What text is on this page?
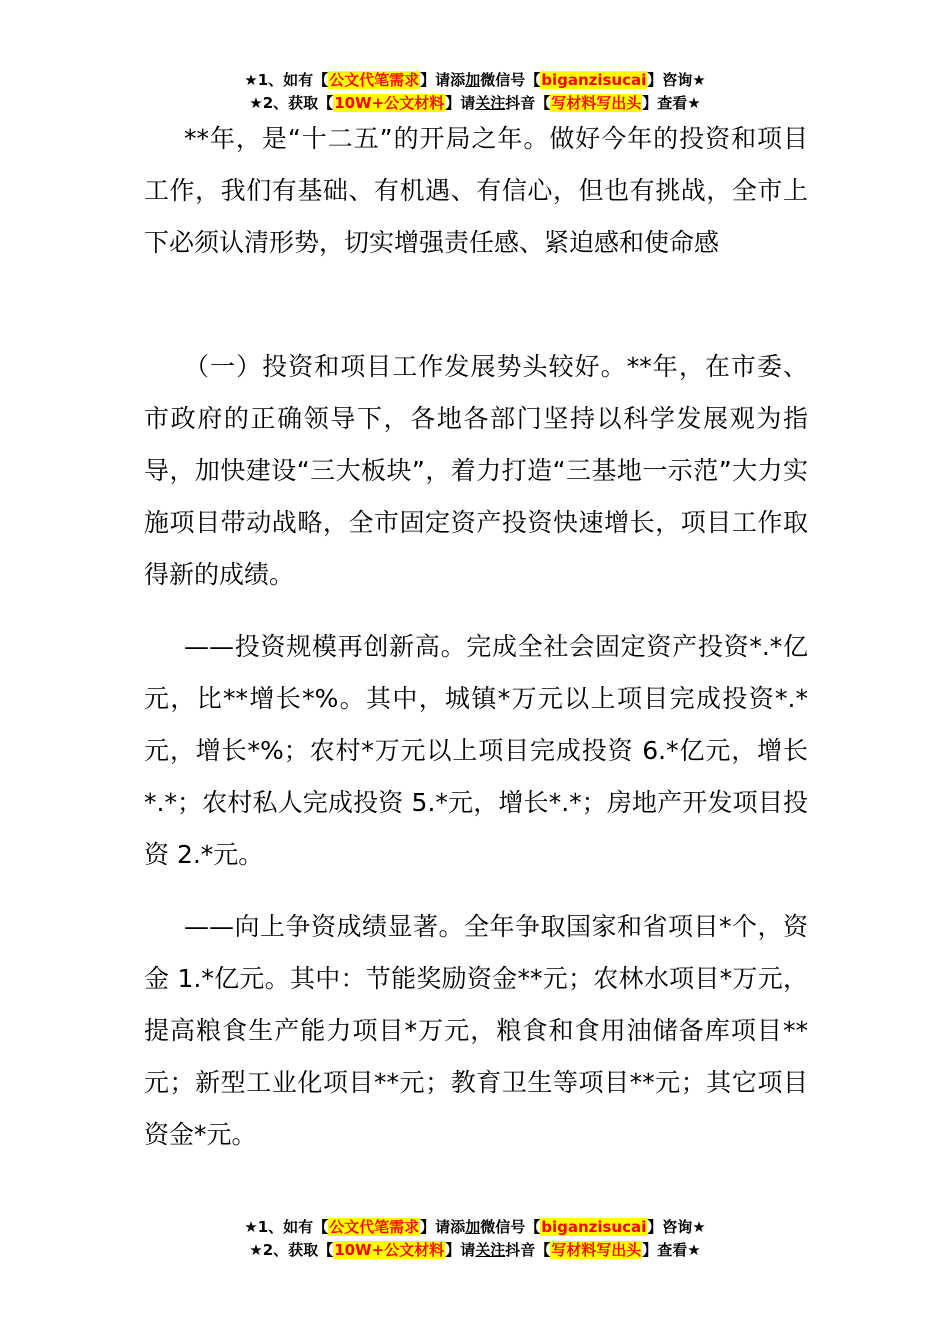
★1、如有【公文代笔需求】请添加微信号【biganzisucai】咨询★
★2、获取【10W+公文材料】请关注抖音【写材料写出头】查看★

**年，是“十二五”的开局之年。做好今年的投资和项目工作，我们有基础、有机遇、有信心，但也有挑战，全市上下必须认清形势，切实增强责任感、紧迫感和使命感

（一）投资和项目工作发展势头较好。**年，在市委、市政府的正确领导下，各地各部门坚持以科学发展观为指导，加快建设“三大板块”，着力打造“三基地一示范”大力实施项目带动战略，全市固定资产投资快速增长，项目工作取得新的成绩。

——投资规模再创新高。完成全社会固定资产投资*.*亿元，比**增长*%。其中，城镇*万元以上项目完成投资*.*元，增长*%；农村*万元以上项目完成投资 6.*亿元，增长*.*；农村私人完成投资 5.*元，增长*.*；房地产开发项目投资 2.*元。

——向上争资成绩显著。全年争取国家和省项目*个，资金 1.*亿元。其中：节能奖励资金**元；农林水项目*万元，提高粮食生产能力项目*万元，粮食和食用油储备库项目**元；新型工业化项目**元；教育卫生等项目**元；其它项目资金*元。

★1、如有【公文代笔需求】请添加微信号【biganzisucai】咨询★
★2、获取【10W+公文材料】请关注抖音【写材料写出头】查看★
